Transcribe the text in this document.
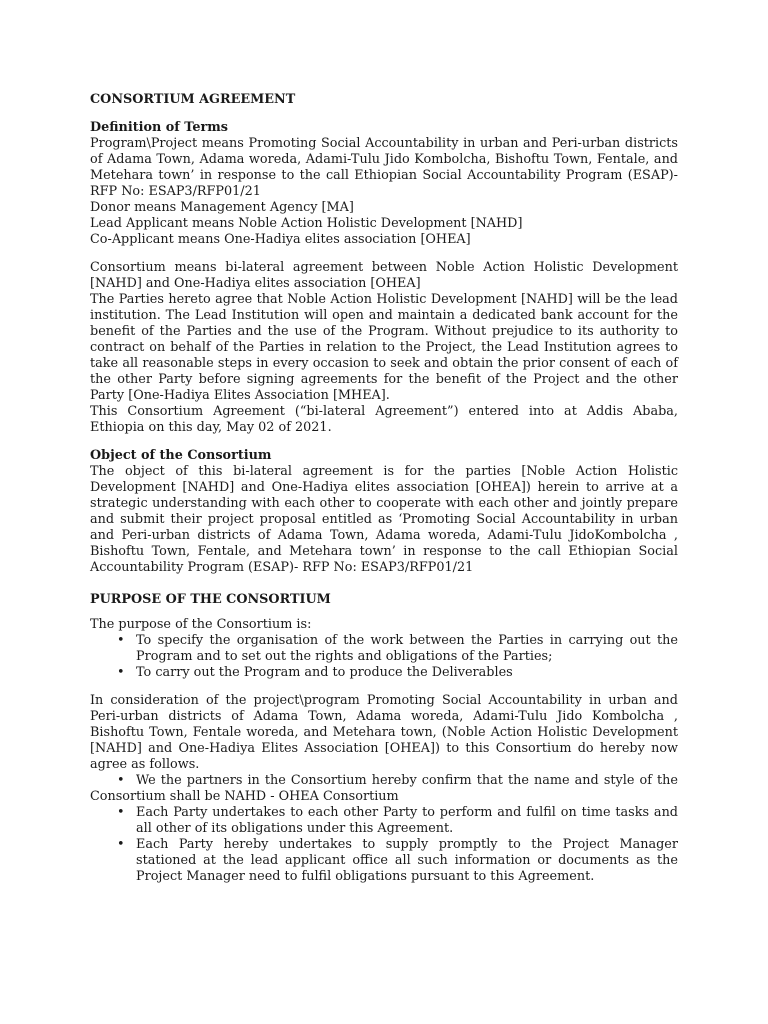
CONSORTIUM AGREEMENT

Definition of Terms

Program\Project means Promoting Social Accountability in urban and Peri-urban districts of Adama Town, Adama woreda, Adami-Tulu Jido Kombolcha, Bishoftu Town, Fentale, and Metehara town’ in response to the call Ethiopian Social Accountability Program (ESAP)- RFP No: ESAP3/RFP01/21

Donor means Management Agency [MA]

Lead Applicant means Noble Action Holistic Development [NAHD]

Co-Applicant means One-Hadiya elites association [OHEA]

Consortium means bi-lateral agreement between Noble Action Holistic Development [NAHD] and One-Hadiya elites association [OHEA]

The Parties hereto agree that Noble Action Holistic Development [NAHD] will be the lead institution. The Lead Institution will open and maintain a dedicated bank account for the benefit of the Parties and the use of the Program. Without prejudice to its authority to contract on behalf of the Parties in relation to the Project, the Lead Institution agrees to take all reasonable steps in every occasion to seek and obtain the prior consent of each of the other Party before signing agreements for the benefit of the Project and the other Party [One-Hadiya Elites Association [MHEA].

This Consortium Agreement (“bi-lateral Agreement”) entered into at Addis Ababa, Ethiopia on this day, May 02 of 2021.

Object of the Consortium

The object of this bi-lateral agreement is for the parties [Noble Action Holistic Development [NAHD] and One-Hadiya elites association [OHEA]) herein to arrive at a strategic understanding with each other to cooperate with each other and jointly prepare and submit their project proposal entitled as ‘Promoting Social Accountability in urban and Peri-urban districts of Adama Town, Adama woreda, Adami-Tulu JidoKombolcha , Bishoftu Town, Fentale, and Metehara town’ in response to the call Ethiopian Social Accountability Program (ESAP)- RFP No: ESAP3/RFP01/21

PURPOSE OF THE CONSORTIUM

The purpose of the Consortium is:

• To specify the organisation of the work between the Parties in carrying out the Program and to set out the rights and obligations of the Parties;
• To carry out the Program and to produce the Deliverables

In consideration of the project\program Promoting Social Accountability in urban and Peri-urban districts of Adama Town, Adama woreda, Adami-Tulu Jido Kombolcha , Bishoftu Town, Fentale woreda, and Metehara town, (Noble Action Holistic Development [NAHD] and One-Hadiya Elites Association [OHEA]) to this Consortium do hereby now agree as follows.

• We the partners in the Consortium hereby confirm that the name and style of the Consortium shall be NAHD - OHEA Consortium

• Each Party undertakes to each other Party to perform and fulfil on time tasks and all other of its obligations under this Agreement.
• Each Party hereby undertakes to supply promptly to the Project Manager stationed at the lead applicant office all such information or documents as the Project Manager need to fulfil obligations pursuant to this Agreement.
